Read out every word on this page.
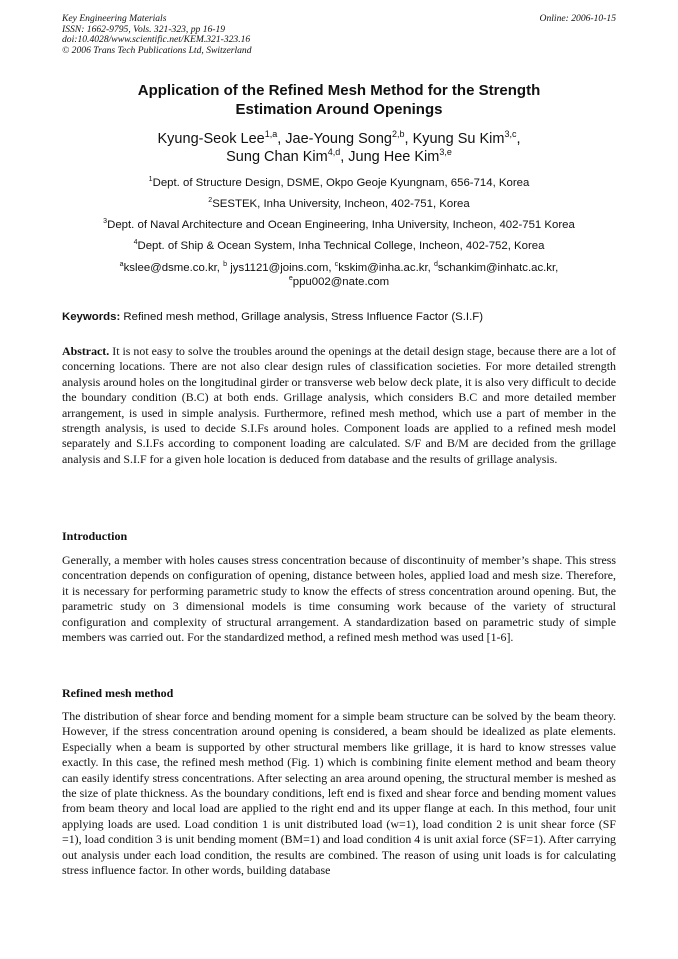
Key Engineering Materials
ISSN: 1662-9795, Vols. 321-323, pp 16-19
doi:10.4028/www.scientific.net/KEM.321-323.16
© 2006 Trans Tech Publications Ltd, Switzerland
Online: 2006-10-15
Application of the Refined Mesh Method for the Strength
Estimation Around Openings
Kyung-Seok Lee$^{1,a}$, Jae-Young Song$^{2,b}$, Kyung Su Kim$^{3,c}$,
Sung Chan Kim$^{4,d}$, Jung Hee Kim$^{3,e}$
$^1$Dept. of Structure Design, DSME, Okpo Geoje Kyungnam, 656-714, Korea
$^2$SESTEK, Inha University, Incheon, 402-751, Korea
$^3$Dept. of Naval Architecture and Ocean Engineering, Inha University, Incheon, 402-751 Korea
$^4$Dept. of Ship & Ocean System, Inha Technical College, Incheon, 402-752, Korea
$^a$kslee@dsme.co.kr, $^b$ jys1121@joins.com, $^c$kskim@inha.ac.kr, $^d$schankim@inhatc.ac.kr,
$^e$ppu002@nate.com
Keywords: Refined mesh method, Grillage analysis, Stress Influence Factor (S.I.F)
Abstract. It is not easy to solve the troubles around the openings at the detail design stage, because there are a lot of concerning locations. There are not also clear design rules of classification societies. For more detailed strength analysis around holes on the longitudinal girder or transverse web below deck plate, it is also very difficult to decide the boundary condition (B.C) at both ends. Grillage analysis, which considers B.C and more detailed member arrangement, is used in simple analysis. Furthermore, refined mesh method, which use a part of member in the strength analysis, is used to decide S.I.Fs around holes. Component loads are applied to a refined mesh model separately and S.I.Fs according to component loading are calculated. S/F and B/M are decided from the grillage analysis and S.I.F for a given hole location is deduced from database and the results of grillage analysis.
Introduction
Generally, a member with holes causes stress concentration because of discontinuity of member’s shape. This stress concentration depends on configuration of opening, distance between holes, applied load and mesh size. Therefore, it is necessary for performing parametric study to know the effects of stress concentration around opening. But, the parametric study on 3 dimensional models is time consuming work because of the variety of structural configuration and complexity of structural arrangement. A standardization based on parametric study of simple members was carried out. For the standardized method, a refined mesh method was used [1-6].
Refined mesh method
The distribution of shear force and bending moment for a simple beam structure can be solved by the beam theory. However, if the stress concentration around opening is considered, a beam should be idealized as plate elements. Especially when a beam is supported by other structural members like grillage, it is hard to know stresses value exactly. In this case, the refined mesh method (Fig. 1) which is combining finite element method and beam theory can easily identify stress concentrations. After selecting an area around opening, the structural member is meshed as the size of plate thickness. As the boundary conditions, left end is fixed and shear force and bending moment values from beam theory and local load are applied to the right end and its upper flange at each. In this method, four unit applying loads are used. Load condition 1 is unit distributed load (w=1), load condition 2 is unit shear force (SF =1), load condition 3 is unit bending moment (BM=1) and load condition 4 is unit axial force (SF=1). After carrying out analysis under each load condition, the results are combined. The reason of using unit loads is for calculating stress influence factor. In other words, building database
